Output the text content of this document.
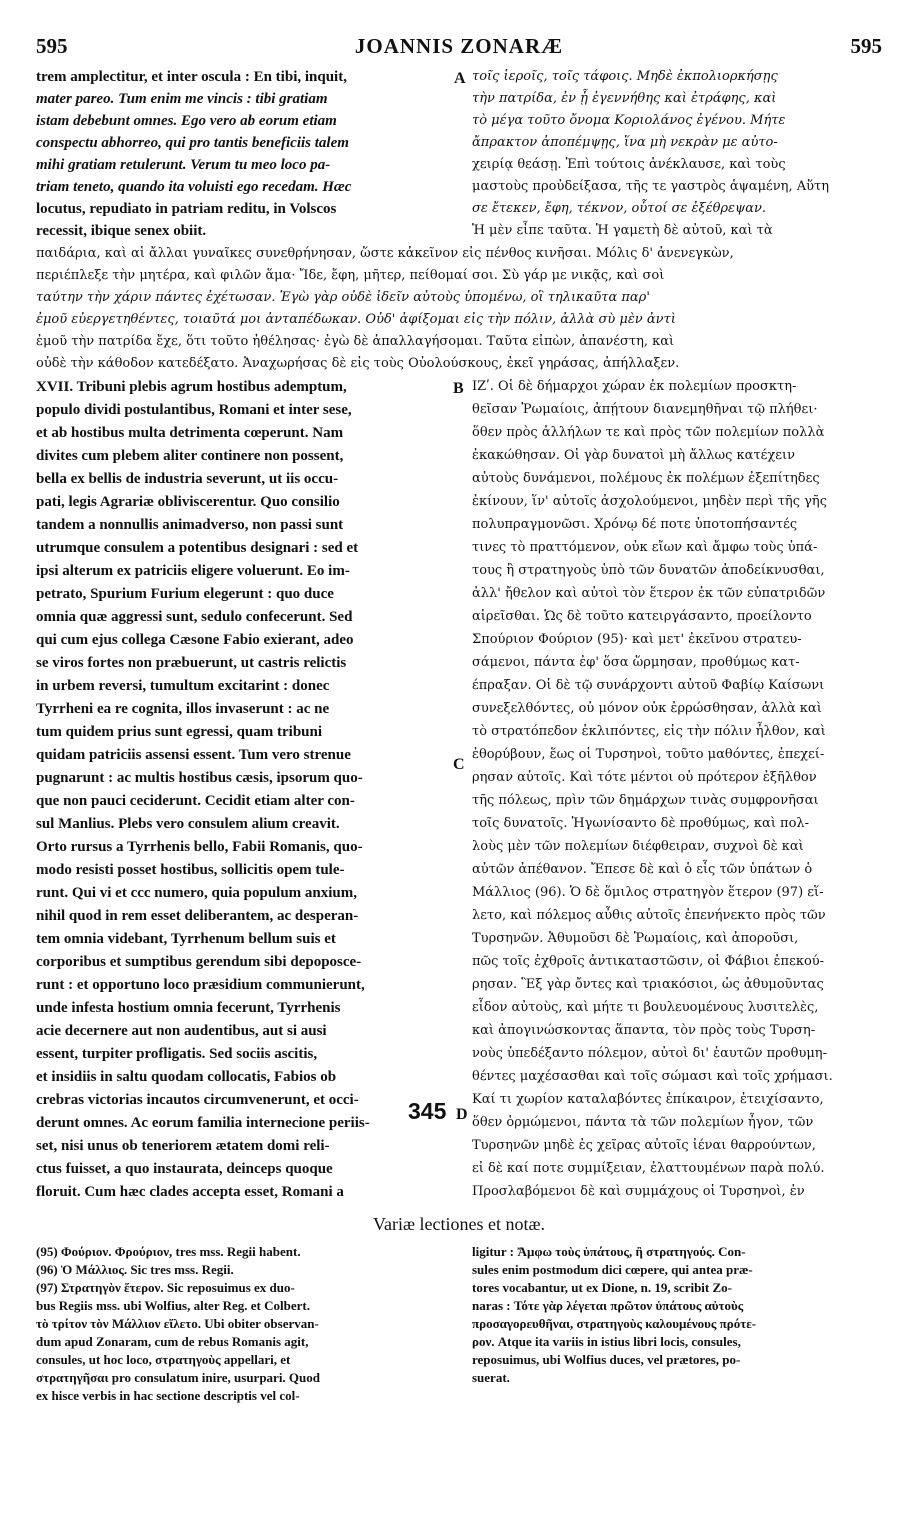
595	JOANNIS ZONARÆ	595
trem amplectitur, et inter oscula : En tibi, inquit,
mater pareo. Tum enim me vincis : tibi gratiam
istam debebunt omnes. Ego vero ab eorum etiam
conspectu abhorreo, qui pro tantis beneficiis talem
mihi gratiam retulerunt. Verum tu meo loco pa-
triam teneto, quando ita voluisti ego recedam. Hæc
locutus, repudiato in patriam reditu, in Volscos
recessit, ibique senex obiit.
A τοῖς ἱεροῖς, τοῖς τάφοις. Μηδὲ ἐκπολιορκήσῃς
τὴν πατρίδα, ἐν ᾗ ἐγεννήθης καὶ ἐτράφης, καὶ
τὸ μέγα τοῦτο ὄνομα Κοριολάνος ἐγένου. Μήτε
ἄπρακτον ἀποπέμψῃς, ἵνα μὴ νεκρὰν με αὐτο-
χειρίᾳ θεάσῃ. Ἐπὶ τούτοις ἀνέκλαυσε, καὶ τοὺς
μαστοὺς προὐδείξασα, τῆς τε γαστρὸς ἁψαμένη, Αὕτη
σε ἔτεκεν, ἔφη, τέκνον, οὗτοί σε ἐξέθρεψαν.
Ἡ μὲν εἶπε ταῦτα. Ἡ γαμετὴ δὲ αὐτοῦ, καὶ τὰ
παιδάρια, καὶ αἱ ἄλλαι γυναῖκες συνεθρήνησαν, ὥστε κἀκεῖνον εἰς πένθος κινῆσαι. Μόλις δ' ἀνενεγκὼν,
περιέπλεξε τὴν μητέρα, καὶ φιλῶν ἅμα· Ἴδε, ἔφη, μῆτερ, πείθομαί σοι. Σὺ γάρ με νικᾷς, καὶ σοὶ
ταύτην τὴν χάριν πάντες ἐχέτωσαν. Ἐγὼ γὰρ οὐδὲ ἰδεῖν αὐτοὺς ὑπομένω, οἳ τηλικαῦτα παρ'
ἐμοῦ εὐεργετηθέντες, τοιαῦτά μοι ἀνταπέδωκαν. Οὐδ' ἀφίξομαι εἰς τὴν πόλιν, ἀλλὰ σὺ μὲν ἀντὶ
ἐμοῦ τὴν πατρίδα ἔχε, ὅτι τοῦτο ἠθέλησας· ἐγὼ δὲ ἀπαλλαγήσομαι. Ταῦτα εἰπὼν, ἀπανέστη, καὶ
οὐδὲ τὴν κάθοδον κατεδέξατο. Ἀναχωρήσας δὲ εἰς τοὺς Οὐολούσκους, ἐκεῖ γηράσας, ἀπήλλαξεν.
XVII. Tribuni plebis agrum hostibus ademptum,
populo dividi postulantibus, Romani et inter sese,
et ab hostibus multa detrimenta cœperunt. Nam
divites cum plebem aliter continere non possent,
bella ex bellis de industria severunt, ut iis occu-
pati, legis Agrariæ obliviscerentur. Quo consilio
tandem a nonnullis animadverso, non passi sunt
utrumque consulem a potentibus designari : sed et
ipsi alterum ex patriciis eligere voluerunt. Eo im-
petrato, Spurium Furium elegerunt : quo duce
omnia quæ aggressi sunt, sedulo confecerunt. Sed
qui cum ejus collega Cæsone Fabio exierant, adeo
se viros fortes non præbuerunt, ut castris relictis
in urbem reversi, tumultum excitarint : donec
Tyrrheni ea re cognita, illos invaserunt : ac ne
tum quidem prius sunt egressi, quam tribuni
quidam patriciis assensi essent. Tum vero strenue
pugnarunt : ac multis hostibus cæsis, ipsorum quo-
que non pauci ceciderunt. Cecidit etiam alter con-
sul Manlius. Plebs vero consulem alium creavit.
Orto rursus a Tyrrhenis bello, Fabii Romanis, quo-
modo resisti posset hostibus, sollicitis opem tule-
runt. Qui vi et ccc numero, quia populum anxium,
nihil quod in rem esset deliberantem, ac desperan-
tem omnia videbant, Tyrrhenum bellum suis et
corporibus et sumptibus gerendum sibi depoposce-
runt : et opportuno loco præsidium communierunt,
unde infesta hostium omnia fecerunt, Tyrrhenis
acie decernere aut non audentibus, aut si ausi
essent, turpiter profligatis. Sed sociis ascitis,
et insidiis in saltu quodam collocatis, Fabios ob
crebras victorias incautos circumvenerunt, et occi-
derunt omnes. Ac eorum familia internecione periis-
set, nisi unus ob teneriorem ætatem domi reli-
ctus fuisset, a quo instaurata, deinceps quoque
floruit. Cum hæc clades accepta esset, Romani a
B
C
345 D
ΙΖʹ. Οἱ δὲ δήμαρχοι χώραν ἐκ πολεμίων προσκτη-
θεῖσαν Ῥωμαίοις, ἀπῄτουν διανεμηθῆναι τῷ πλήθει·
ὅθεν πρὸς ἀλλήλων τε καὶ πρὸς τῶν πολεμίων πολλὰ
ἐκακώθησαν. Οἱ γὰρ δυνατοὶ μὴ ἄλλως κατέχειν
αὐτοὺς δυνάμενοι, πολέμους ἐκ πολέμων ἐξεπίτηδες
ἐκίνουν, ἵν' αὐτοῖς ἀσχολούμενοι, μηδὲν περὶ τῆς γῆς
πολυπραγμονῶσι. Χρόνῳ δέ ποτε ὑποτοπήσαντές
τινες τὸ πραττόμενον, οὐκ εἴων καὶ ἄμφω τοὺς ὑπά-
τους ἢ στρατηγοὺς ὑπὸ τῶν δυνατῶν ἀποδείκνυσθαι,
ἀλλ' ἤθελον καὶ αὐτοὶ τὸν ἕτερον ἐκ τῶν εὐπατριδῶν
αἱρεῖσθαι. Ὡς δὲ τοῦτο κατειργάσαντο, προείλοντο
Σπούριον Φούριον (95)· καὶ μετ' ἐκεῖνου στρατευ-
σάμενοι, πάντα ἐφ' ὅσα ὥρμησαν, προθύμως κατ-
έπραξαν. Οἱ δὲ τῷ συνάρχοντι αὐτοῦ Φαβίῳ Καίσωνι
συνεξελθόντες, οὐ μόνον οὐκ ἐρρώσθησαν, ἀλλὰ καὶ
τὸ στρατόπεδον ἐκλιπόντες, εἰς τὴν πόλιν ἦλθον, καὶ
ἐθορύβουν, ἕως οἱ Τυρσηνοὶ, τοῦτο μαθόντες, ἐπεχεί-
ρησαν αὐτοῖς. Καὶ τότε μέντοι οὐ πρότερον ἐξῆλθον
τῆς πόλεως, πρὶν τῶν δημάρχων τινὰς συμφρονῆσαι
τοῖς δυνατοῖς. Ἠγωνίσαντο δὲ προθύμως, καὶ πολ-
λοὺς μὲν τῶν πολεμίων διέφθειραν, συχνοὶ δὲ καὶ
αὐτῶν ἀπέθανον. Ἔπεσε δὲ καὶ ὁ εἷς τῶν ὑπάτων ὁ
Μάλλιος (96). Ὁ δὲ ὅμιλος στρατηγὸν ἕτερον (97) εἵ-
λετο, καὶ πόλεμος αὖθις αὐτοῖς ἐπενήνεκτο πρὸς τῶν
Τυρσηνῶν. Ἀθυμοῦσι δὲ Ῥωμαίοις, καὶ ἀποροῦσι,
πῶς τοῖς ἐχθροῖς ἀντικαταστῶσιν, οἱ Φάβιοι ἐπεκού-
ρησαν. Ἓξ γὰρ ὄντες καὶ τριακόσιοι, ὡς ἀθυμοῦντας
εἶδον αὐτοὺς, καὶ μήτε τι βουλευομένους λυσιτελὲς,
καὶ ἀπογινώσκοντας ἅπαντα, τὸν πρὸς τοὺς Τυρση-
νοὺς ὑπεδέξαντο πόλεμον, αὐτοὶ δι' ἑαυτῶν προθυμη-
θέντες μαχέσασθαι καὶ τοῖς σώμασι καὶ τοῖς χρήμασι.
Καί τι χωρίον καταλαβόντες ἐπίκαιρον, ἐτειχίσαντο,
ὅθεν ὁρμώμενοι, πάντα τὰ τῶν πολεμίων ἦγον, τῶν
Τυρσηνῶν μηδὲ ἐς χεῖρας αὐτοῖς ἰέναι θαρρούντων,
εἰ δὲ καί ποτε συμμίξειαν, ἐλαττουμένων παρὰ πολύ.
Προσλαβόμενοι δὲ καὶ συμμάχους οἱ Τυρσηνοὶ, ἐν
Variæ lectiones et notæ.
(95) Φούριον. Φρούριον, tres mss. Regii habent.
(96) Ὁ Μάλλιος. Sic tres mss. Regii.
(97) Στρατηγὸν ἕτερον. Sic reposuimus ex duo-
bus Regiis mss. ubi Wolfius, alter Reg. et Colbert.
τὸ τρίτον τὸν Μάλλιον εἵλετο. Ubi obiter observan-
dum apud Zonaram, cum de rebus Romanis agit,
consules, ut hoc loco, στρατηγοὺς appellari, et
στρατηγῆσαι pro consulatum inire, usurpari. Quod
ex hisce verbis in hac sectione descriptis vel col-
ligitur : Ἄμφω τοὺς ὑπάτους, ἢ στρατηγούς. Con-
sules enim postmodum dici cœpere, qui antea præ-
tores vocabantur, ut ex Dione, n. 19, scribit Zo-
naras : Τότε γὰρ λέγεται πρῶτον ὑπάτους αὐτοὺς
προσαγορευθῆναι, στρατηγοὺς καλουμένους πρότε-
ρον. Atque ita variis in istius libri locis, consules,
reposuimus, ubi Wolfius duces, vel prætores, po-
suerat.
